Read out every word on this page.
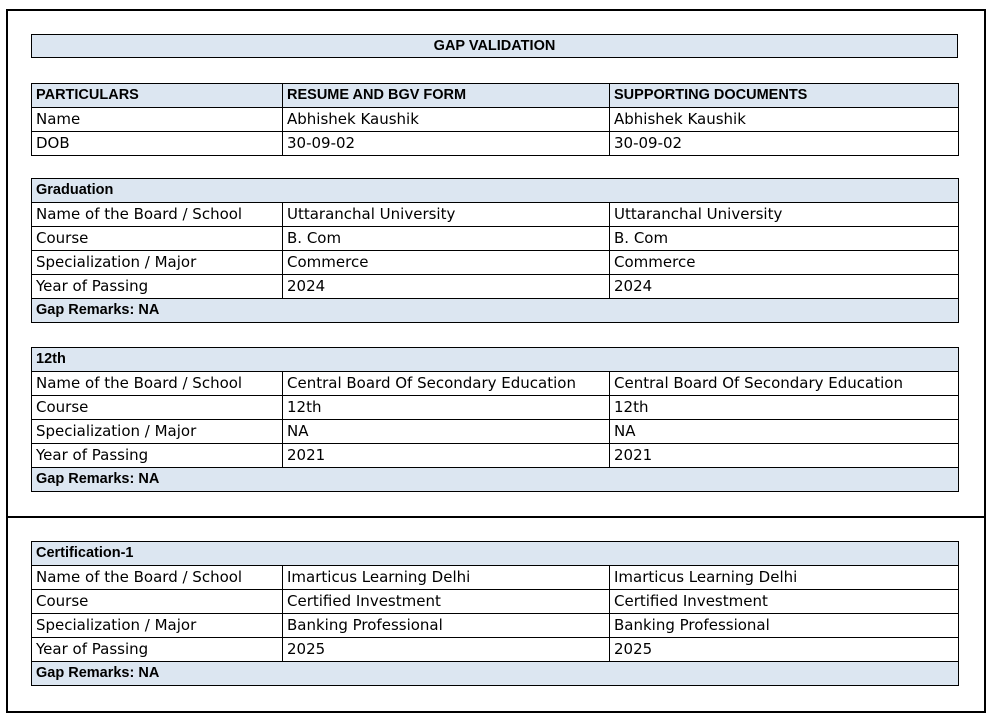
GAP VALIDATION
PARTICULARS	RESUME AND BGV FORM	SUPPORTING DOCUMENTS
Name	Abhishek Kaushik	Abhishek Kaushik
DOB	30-09-02	30-09-02
Graduation		
Name of the Board / School	Uttaranchal University	Uttaranchal University
Course	B. Com	B. Com
Specialization / Major	Commerce	Commerce
Year of Passing	2024	2024
Gap Remarks: NA		
12th		
Name of the Board / School	Central Board Of Secondary Education	Central Board Of Secondary Education
Course	12th	12th
Specialization / Major	NA	NA
Year of Passing	2021	2021
Gap Remarks: NA		
Certification-1		
Name of the Board / School	Imarticus Learning Delhi	Imarticus Learning Delhi
Course	Certified Investment	Certified Investment
Specialization / Major	Banking Professional	Banking Professional
Year of Passing	2025	2025
Gap Remarks: NA		
